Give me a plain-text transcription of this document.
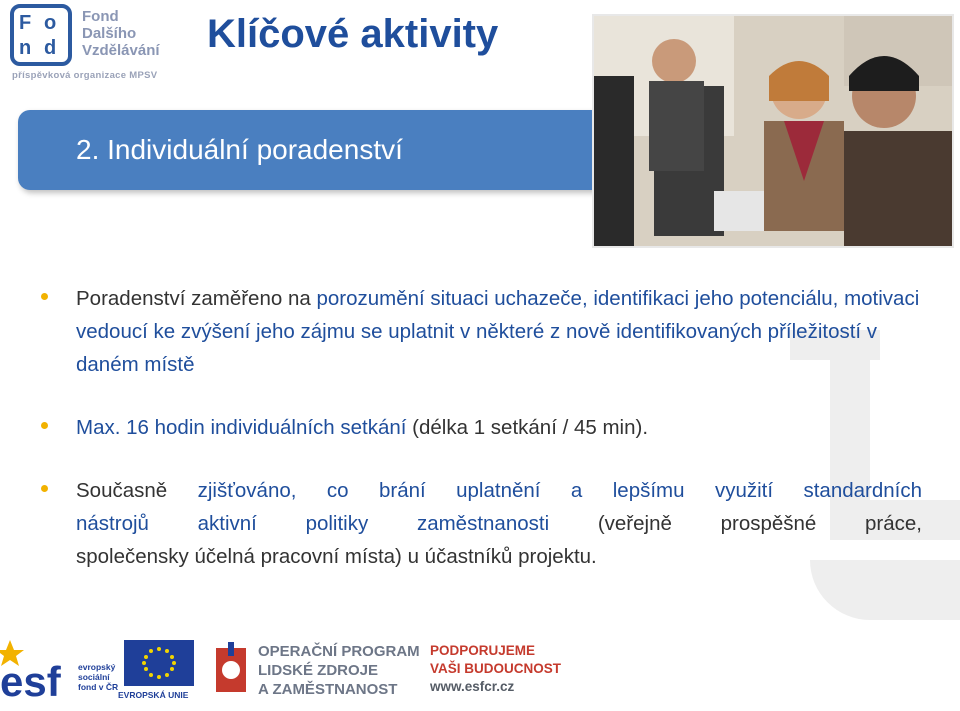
F o
n d
Fond
Dalšího
Vzdělávání
příspěvková organizace MPSV
Klíčové aktivity
2. Individuální poradenství
Poradenství zaměřeno na porozumění situaci uchazeče, identifikaci jeho potenciálu, motivaci vedoucí ke zvýšení jeho zájmu se uplatnit v některé z nově identifikovaných příležitostí v daném místě
Max. 16 hodin individuálních setkání (délka 1 setkání / 45 min).
Současně zjišťováno, co brání uplatnění a lepšímu využití standardních
nástrojů aktivní politiky zaměstnanosti (veřejně prospěšné práce,
společensky účelná pracovní místa) u účastníků projektu.
esf evropský
sociální
fond v ČR
EVROPSKÁ UNIE
OPERAČNÍ PROGRAM
LIDSKÉ ZDROJE
A ZAMĚSTNANOST
PODPORUJEME
VAŠI BUDOUCNOST
www.esfcr.cz
